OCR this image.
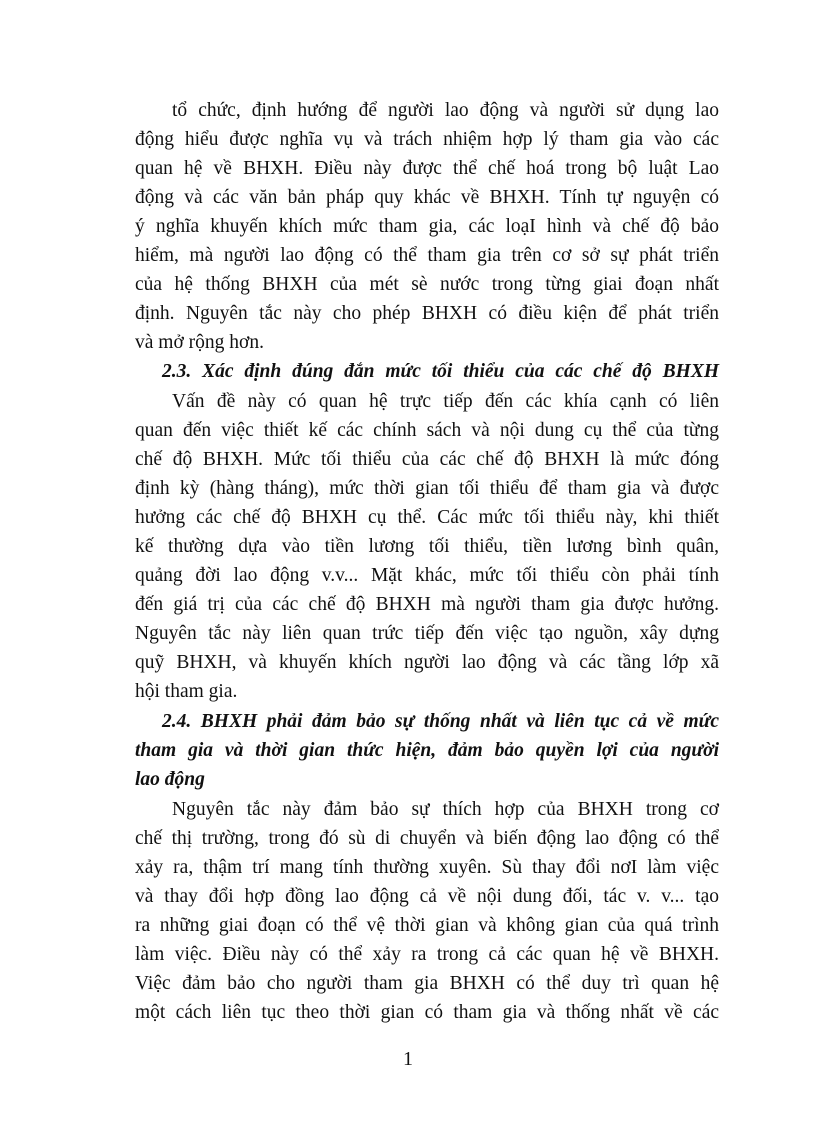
tổ chức, định hướng để người lao động và người sử dụng lao
động hiểu được nghĩa vụ và trách nhiệm hợp lý tham gia vào các
quan hệ về BHXH. Điều này được thể chế hoá trong bộ luật Lao
động và các văn bản pháp quy khác về BHXH. Tính tự nguyện có
ý nghĩa khuyến khích mức tham gia, các loạI hình và chế độ bảo
hiểm, mà người lao động có thể tham gia trên cơ sở sự phát triển
của hệ thống BHXH của mét sè nước trong từng giai đoạn nhất
định. Nguyên tắc này cho phép BHXH có điều kiện để phát triển
và mở rộng hơn.
2.3. Xác định đúng đắn mức tối thiểu của các chế độ BHXH
Vấn đề này có quan hệ trực tiếp đến các khía cạnh có liên
quan đến việc thiết kế các chính sách và nội dung cụ thể của từng
chế độ BHXH. Mức tối thiểu của các chế độ BHXH là mức đóng
định kỳ (hàng tháng), mức thời gian tối thiểu để tham gia và được
hưởng các chế độ BHXH cụ thể. Các mức tối thiểu này, khi thiết
kế thường dựa vào tiền lương tối thiểu, tiền lương bình quân,
quảng đời lao động v.v... Mặt khác, mức tối thiểu còn phải tính
đến giá trị của các chế độ BHXH mà người tham gia được hưởng.
Nguyên tắc này liên quan trức tiếp đến việc tạo nguồn, xây dựng
quỹ BHXH, và khuyến khích người lao động và các tầng lớp xã
hội tham gia.
2.4. BHXH phải đảm bảo sự thống nhất và liên tục cả về mức
tham gia và thời gian thức hiện, đảm bảo quyền lợi của người
lao động
Nguyên tắc này đảm bảo sự thích hợp của BHXH trong cơ
chế thị trường, trong đó sù di chuyển và biến động lao động có thể
xảy ra, thậm trí mang tính thường xuyên. Sù thay đổi nơI làm việc
và thay đổi hợp đồng lao động cả về nội dung đối, tác v. v... tạo
ra những giai đoạn có thể vệ thời gian và không gian của quá trình
làm việc. Điều này có thể xảy ra trong cả các quan hệ về BHXH.
Việc đảm bảo cho người tham gia BHXH có thể duy trì quan hệ
một cách liên tục theo thời gian có tham gia và thống nhất về các
1
